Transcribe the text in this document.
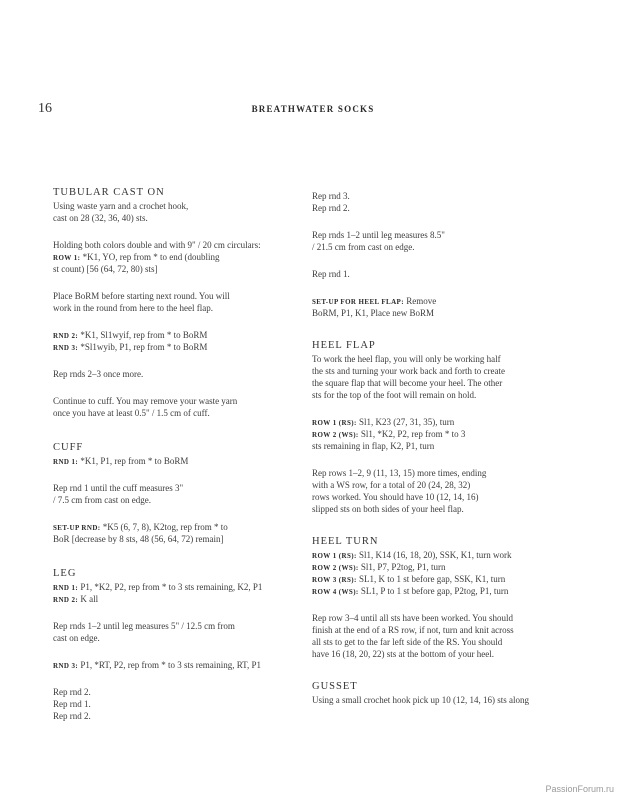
16	BREATHWATER SOCKS
TUBULAR CAST ON
Using waste yarn and a crochet hook,
cast on 28 (32, 36, 40) sts.
Holding both colors double and with 9" / 20 cm circulars:
ROW 1: *K1, YO, rep from * to end (doubling
st count) [56 (64, 72, 80) sts]
Place BoRM before starting next round. You will
work in the round from here to the heel flap.
RND 2: *K1, Sl1wyif, rep from * to BoRM
RND 3: *Sl1wyib, P1, rep from * to BoRM
Rep rnds 2–3 once more.
Continue to cuff. You may remove your waste yarn
once you have at least 0.5" / 1.5 cm of cuff.
CUFF
RND 1: *K1, P1, rep from * to BoRM
Rep rnd 1 until the cuff measures 3"
/ 7.5 cm from cast on edge.
SET-UP RND: *K5 (6, 7, 8), K2tog, rep from * to
BoR [decrease by 8 sts, 48 (56, 64, 72) remain]
LEG
RND 1: P1, *K2, P2, rep from * to 3 sts remaining, K2, P1
RND 2: K all
Rep rnds 1–2 until leg measures 5" / 12.5 cm from
cast on edge.
RND 3: P1, *RT, P2, rep from * to 3 sts remaining, RT, P1
Rep rnd 2.
Rep rnd 1.
Rep rnd 2.
Rep rnd 3.
Rep rnd 2.
Rep rnds 1–2 until leg measures 8.5"
/ 21.5 cm from cast on edge.
Rep rnd 1.
SET-UP FOR HEEL FLAP: Remove
BoRM, P1, K1, Place new BoRM
HEEL FLAP
To work the heel flap, you will only be working half
the sts and turning your work back and forth to create
the square flap that will become your heel. The other
sts for the top of the foot will remain on hold.
ROW 1 (RS): Sl1, K23 (27, 31, 35), turn
ROW 2 (WS): Sl1, *K2, P2, rep from * to 3
sts remaining in flap, K2, P1, turn
Rep rows 1–2, 9 (11, 13, 15) more times, ending
with a WS row, for a total of 20 (24, 28, 32)
rows worked. You should have 10 (12, 14, 16)
slipped sts on both sides of your heel flap.
HEEL TURN
ROW 1 (RS): Sl1, K14 (16, 18, 20), SSK, K1, turn work
ROW 2 (WS): Sl1, P7, P2tog, P1, turn
ROW 3 (RS): SL1, K to 1 st before gap, SSK, K1, turn
ROW 4 (WS): SL1, P to 1 st before gap, P2tog, P1, turn
Rep row 3–4 until all sts have been worked. You should
finish at the end of a RS row, if not, turn and knit across
all sts to get to the far left side of the RS. You should
have 16 (18, 20, 22) sts at the bottom of your heel.
GUSSET
Using a small crochet hook pick up 10 (12, 14, 16) sts along
PassionForum.ru
